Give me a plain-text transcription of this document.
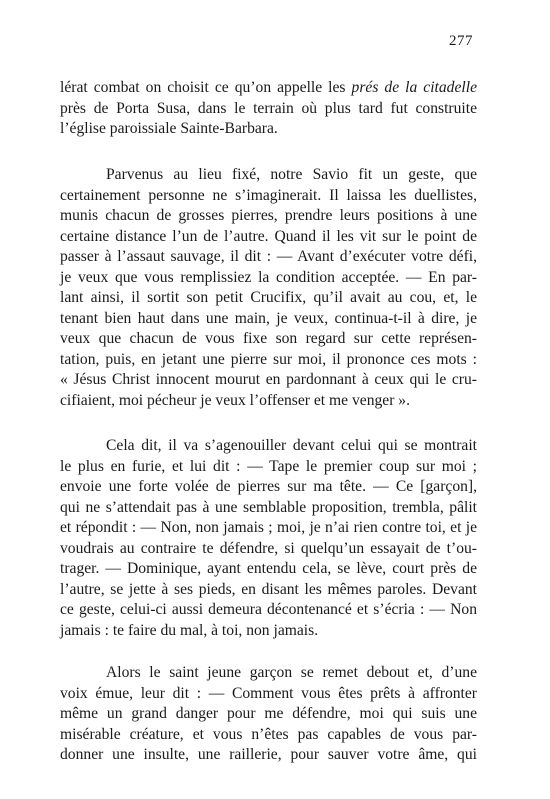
277
lérat combat on choisit ce qu’on appelle les prés de la citadelle
près de Porta Susa, dans le terrain où plus tard fut construite
l’église paroissiale Sainte-Barbara.
Parvenus au lieu fixé, notre Savio fit un geste, que
certainement personne ne s’imaginerait. Il laissa les duellistes,
munis chacun de grosses pierres, prendre leurs positions à une
certaine distance l’un de l’autre. Quand il les vit sur le point de
passer à l’assaut sauvage, il dit : — Avant d’exécuter votre défi,
je veux que vous remplissiez la condition acceptée. — En par-
lant ainsi, il sortit son petit Crucifix, qu’il avait au cou, et, le
tenant bien haut dans une main, je veux, continua-t-il à dire, je
veux que chacun de vous fixe son regard sur cette représen-
tation, puis, en jetant une pierre sur moi, il prononce ces mots :
« Jésus Christ innocent mourut en pardonnant à ceux qui le cru-
cifiaient, moi pécheur je veux l’offenser et me venger ».
Cela dit, il va s’agenouiller devant celui qui se montrait
le plus en furie, et lui dit : — Tape le premier coup sur moi ;
envoie une forte volée de pierres sur ma tête. — Ce [garçon],
qui ne s’attendait pas à une semblable proposition, trembla, pâlit
et répondit : — Non, non jamais ; moi, je n’ai rien contre toi, et je
voudrais au contraire te défendre, si quelqu’un essayait de t’ou-
trager. — Dominique, ayant entendu cela, se lève, court près de
l’autre, se jette à ses pieds, en disant les mêmes paroles. Devant
ce geste, celui-ci aussi demeura décontenancé et s’écria : — Non
jamais : te faire du mal, à toi, non jamais.
Alors le saint jeune garçon se remet debout et, d’une
voix émue, leur dit : — Comment vous êtes prêts à affronter
même un grand danger pour me défendre, moi qui suis une
misérable créature, et vous n’êtes pas capables de vous par-
donner une insulte, une raillerie, pour sauver votre âme, qui
